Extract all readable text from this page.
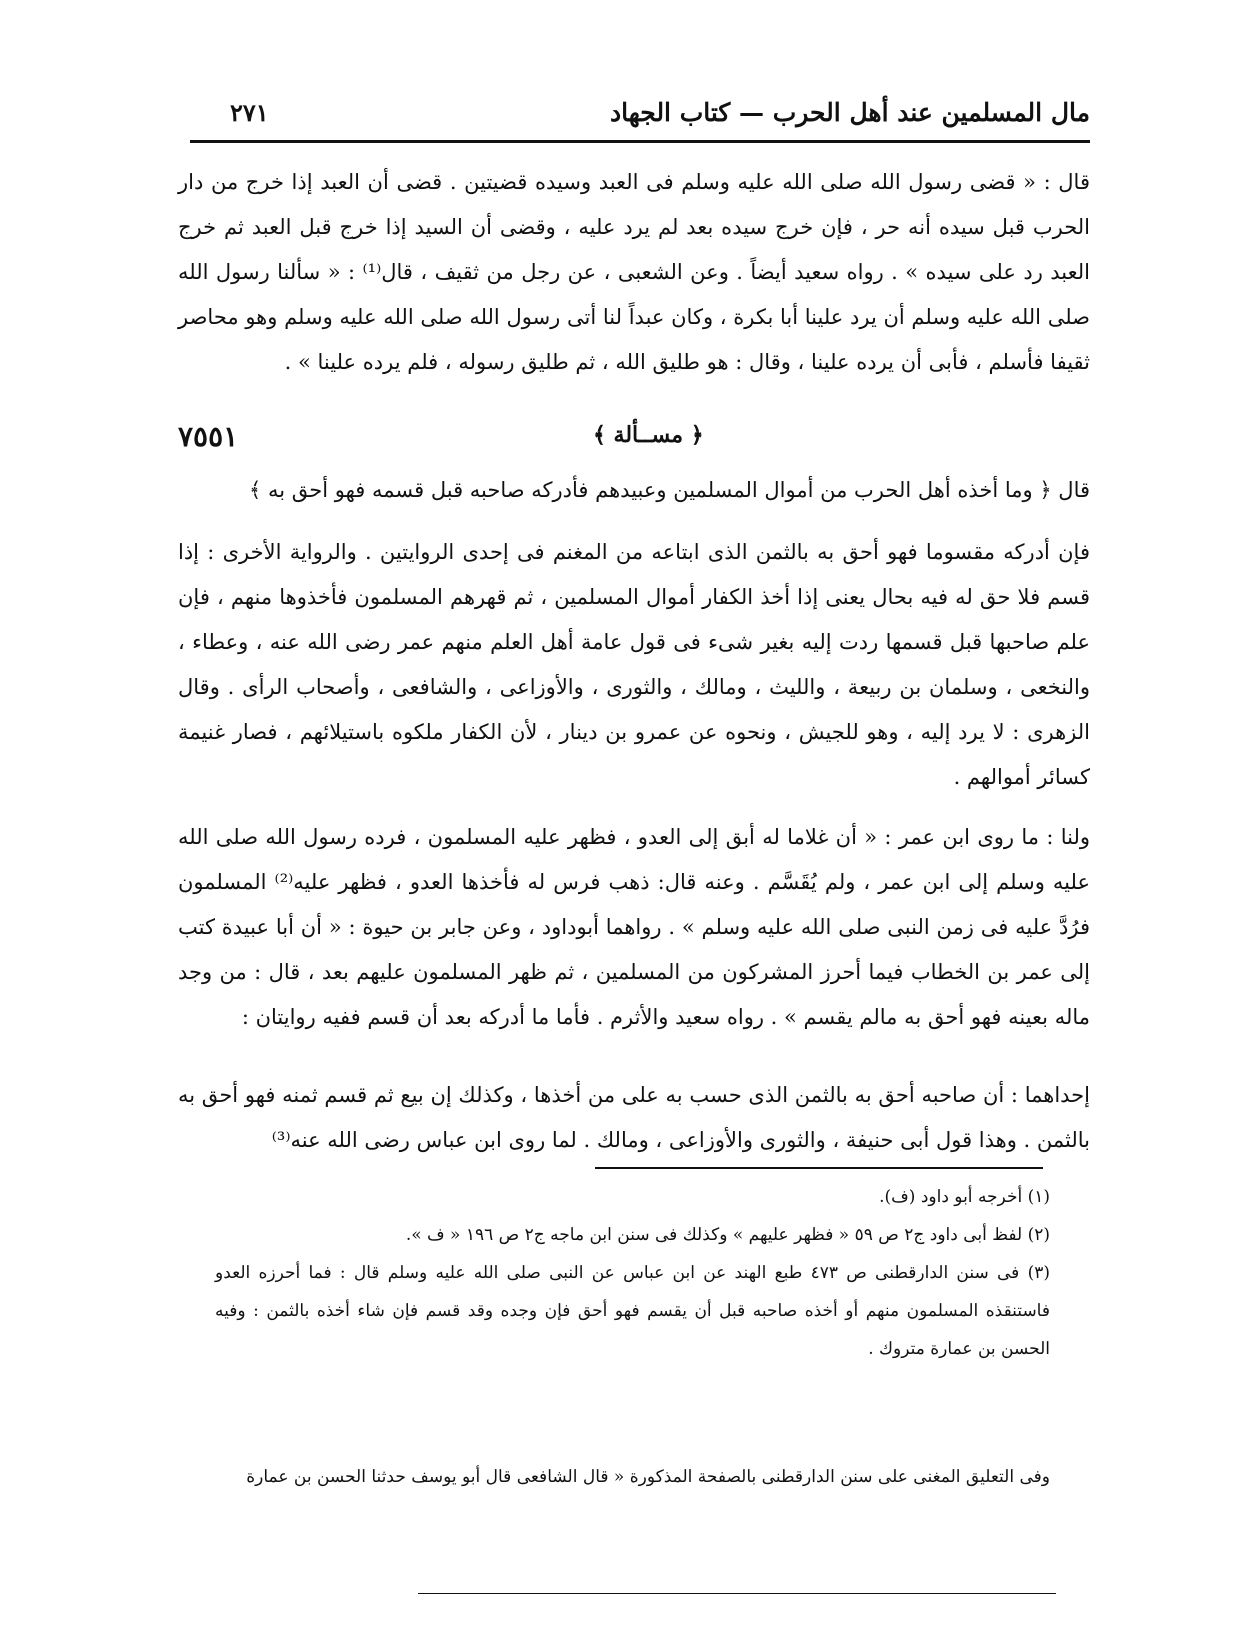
مال المسلمين عند أهل الحرب — كتاب الجهاد
٢٧١
قال : « قضى رسول الله صلى الله عليه وسلم فى العبد وسيده قضيتين . قضى أن العبد إذا خرج من دار الحرب قبل سيده أنه حر ، فإن خرج سيده بعد لم يرد عليه ، وقضى أن السيد إذا خرج قبل العبد ثم خرج العبد رد على سيده » . رواه سعيد أيضاً . وعن الشعبى ، عن رجل من ثقيف ، قال⁽¹⁾ : « سألنا رسول الله صلى الله عليه وسلم أن يرد علينا أبا بكرة ، وكان عبداً لنا أتى رسول الله صلى الله عليه وسلم وهو محاصر ثقيفا فأسلم ، فأبى أن يرده علينا ، وقال : هو طليق الله ، ثم طليق رسوله ، فلم يرده علينا » .
﴿ مســألة ﴾
٧٥٥١
قال ﴿ وما أخذه أهل الحرب من أموال المسلمين وعبيدهم فأدركه صاحبه قبل قسمه فهو أحق به ﴾
فإن أدركه مقسوما فهو أحق به بالثمن الذى ابتاعه من المغنم فى إحدى الروايتين . والرواية الأخرى : إذا قسم فلا حق له فيه بحال يعنى إذا أخذ الكفار أموال المسلمين ، ثم قهرهم المسلمون فأخذوها منهم ، فإن علم صاحبها قبل قسمها ردت إليه بغير شىء فى قول عامة أهل العلم منهم عمر رضى الله عنه ، وعطاء ، والنخعى ، وسلمان بن ربيعة ، والليث ، ومالك ، والثورى ، والأوزاعى ، والشافعى ، وأصحاب الرأى . وقال الزهرى : لا يرد إليه ، وهو للجيش ، ونحوه عن عمرو بن دينار ، لأن الكفار ملكوه باستيلائهم ، فصار غنيمة كسائر أموالهم .
ولنا : ما روى ابن عمر : « أن غلاما له أبق إلى العدو ، فظهر عليه المسلمون ، فرده رسول الله صلى الله عليه وسلم إلى ابن عمر ، ولم يُقَسَّم . وعنه قال: ذهب فرس له فأخذها العدو ، فظهر عليه⁽²⁾ المسلمون فرُدَّ عليه فى زمن النبى صلى الله عليه وسلم » . رواهما أبوداود ، وعن جابر بن حيوة : « أن أبا عبيدة كتب إلى عمر بن الخطاب فيما أحرز المشركون من المسلمين ، ثم ظهر المسلمون عليهم بعد ، قال : من وجد ماله بعينه فهو أحق به مالم يقسم » . رواه سعيد والأثرم . فأما ما أدركه بعد أن قسم ففيه روايتان :
إحداهما : أن صاحبه أحق به بالثمن الذى حسب به على من أخذها ، وكذلك إن بيع ثم قسم ثمنه فهو أحق به بالثمن . وهذا قول أبى حنيفة ، والثورى والأوزاعى ، ومالك . لما روى ابن عباس رضى الله عنه⁽³⁾

(١) أخرجه أبو داود (ف).

(٢) لفظ أبى داود ج٢ ص ٥٩ « فظهر عليهم » وكذلك فى سنن ابن ماجه ج٢ ص ١٩٦ « ف ».

(٣) فى سنن الدارقطنى ص ٤٧٣ طبع الهند عن ابن عباس عن النبى صلى الله عليه وسلم قال : فما أحرزه العدو فاستنقذه المسلمون منهم أو أخذه صاحبه قبل أن يقسم فهو أحق فإن وجده وقد قسم فإن شاء أخذه بالثمن : وفيه الحسن بن عمارة متروك .

وفى التعليق المغنى على سنن الدارقطنى بالصفحة المذكورة « قال الشافعى قال أبو يوسف حدثنا الحسن بن عمارة
